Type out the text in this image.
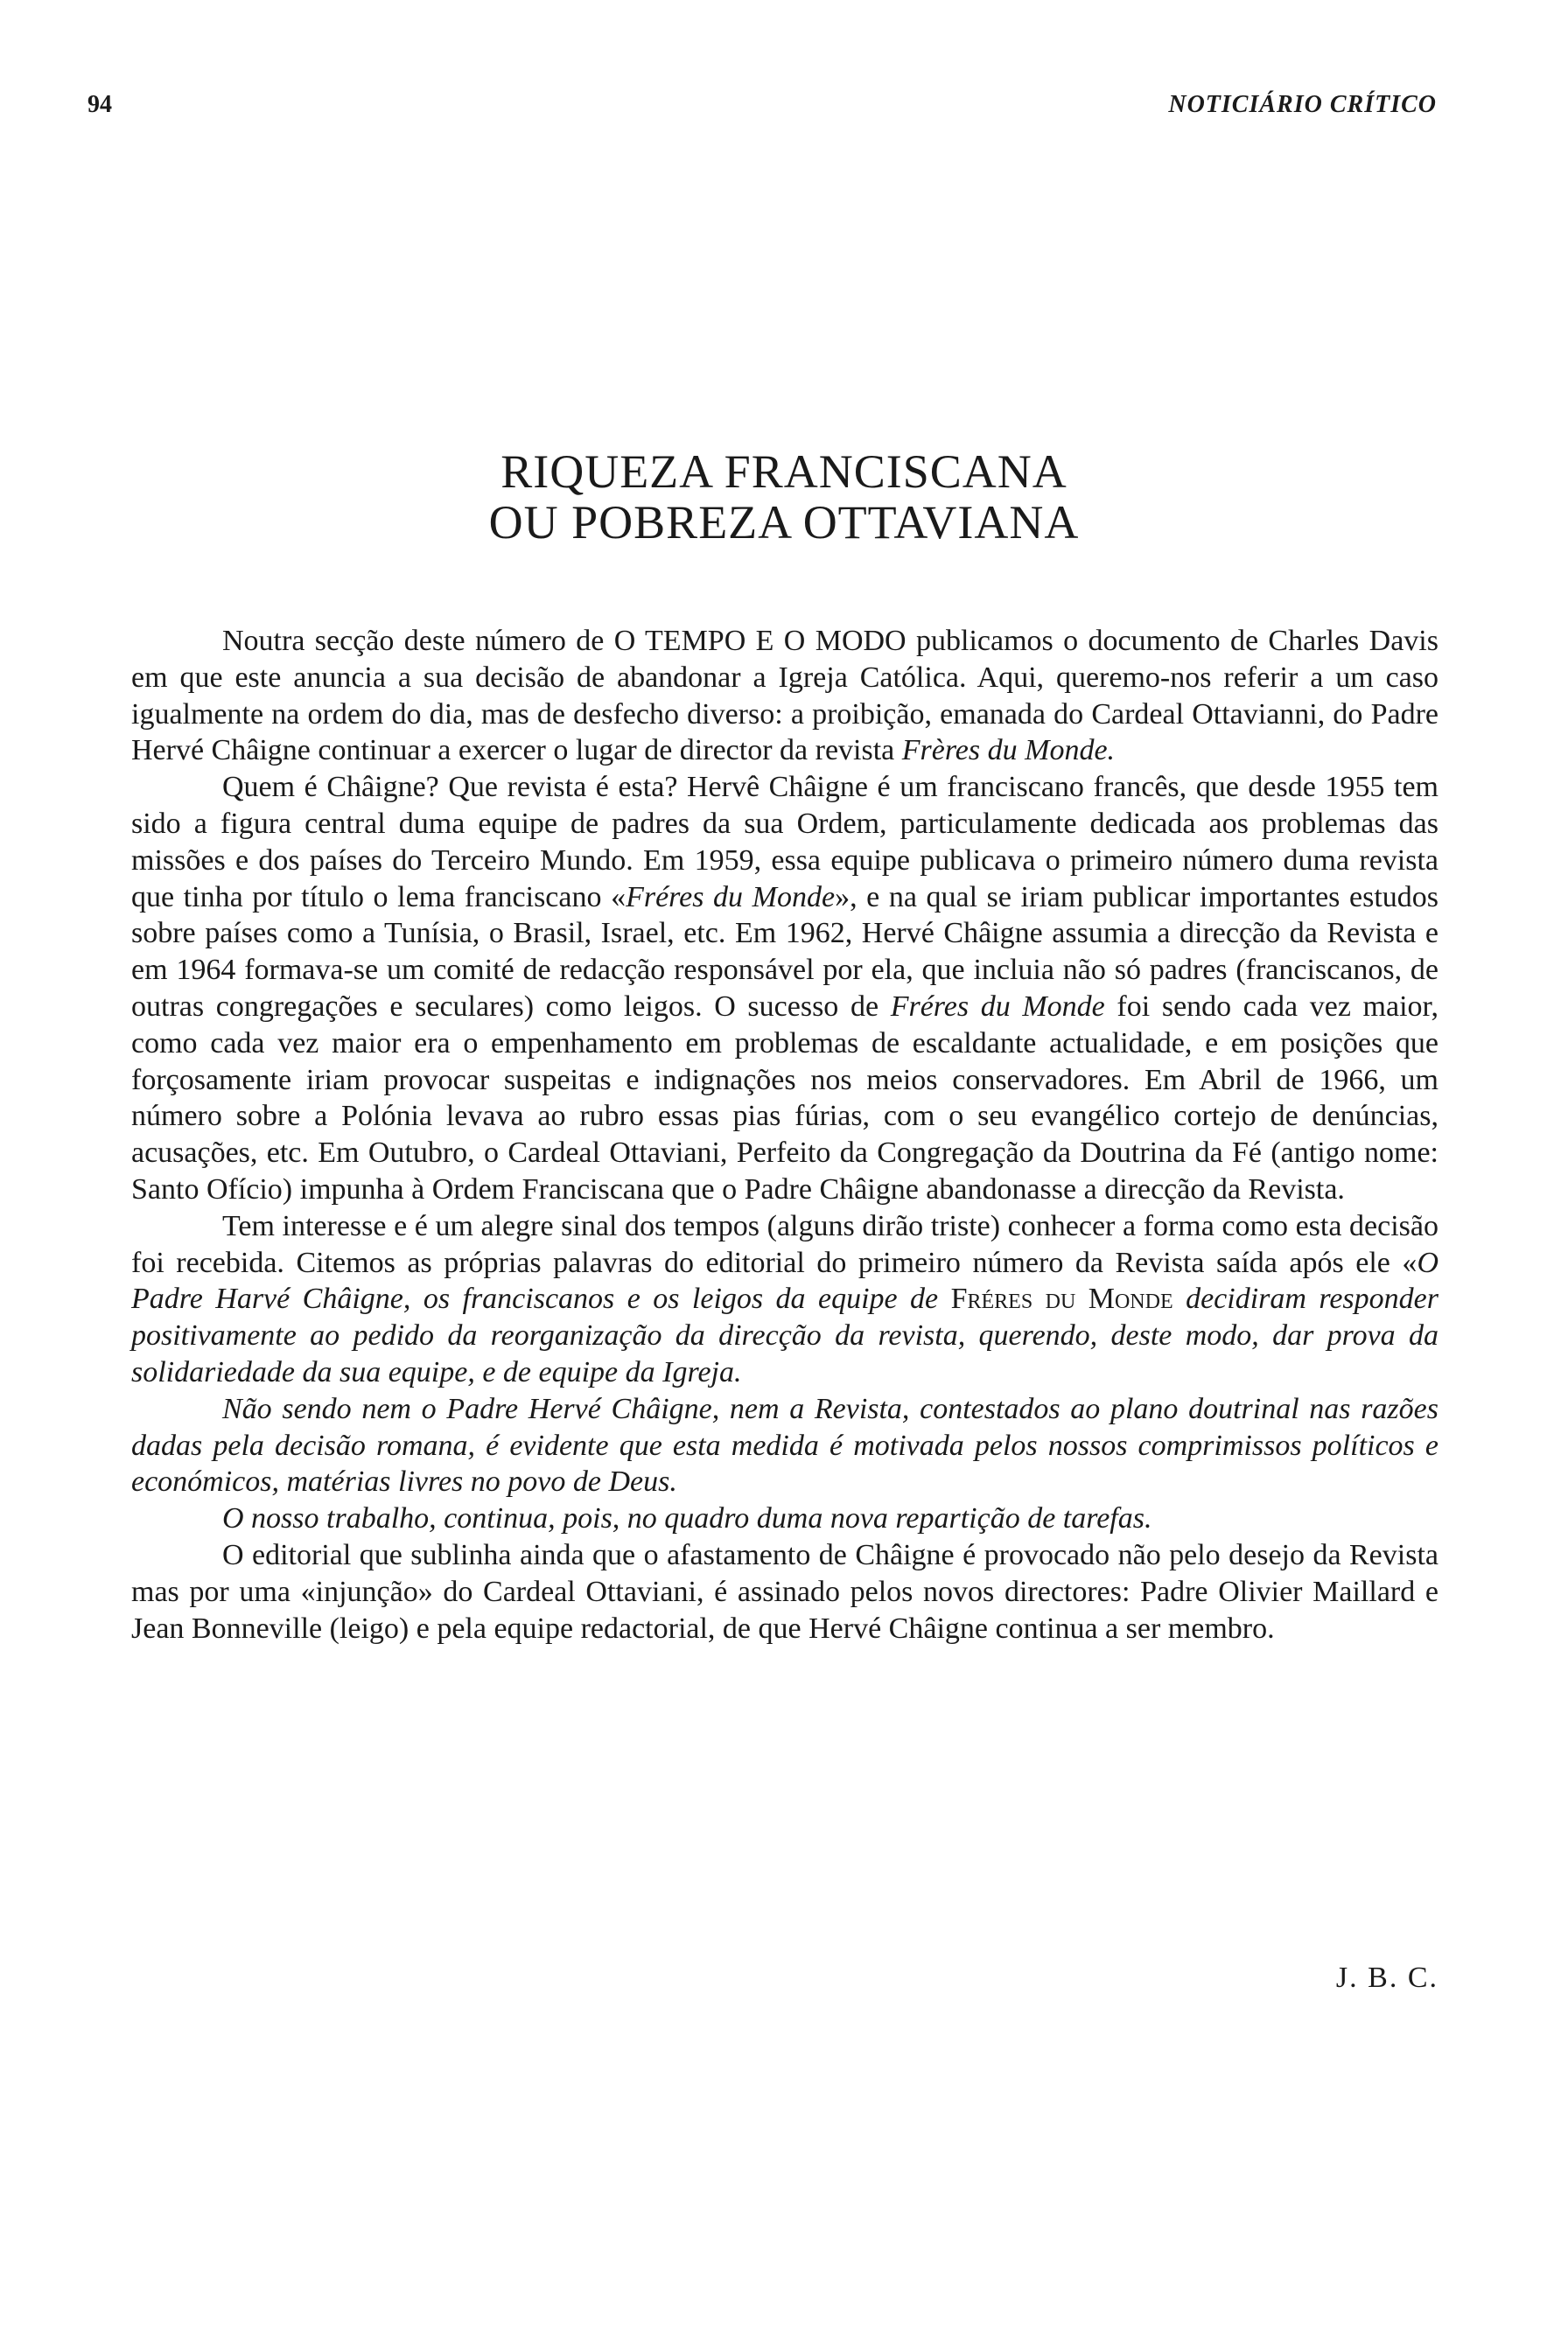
94	NOTICIÁRIO CRÍTICO
RIQUEZA FRANCISCANA
OU POBREZA OTTAVIANA

Noutra secção deste número de O TEMPO E O MODO publicamos o documento de Charles Davis em que este anuncia a sua decisão de abandonar a Igreja Católica. Aqui, queremo-nos referir a um caso igualmente na ordem do dia, mas de desfecho diverso: a proibição, emanada do Cardeal Ottavianni, do Padre Hervé Châigne continuar a exercer o lugar de director da revista Frères du Monde.

Quem é Châigne? Que revista é esta? Hervê Châigne é um franciscano francês, que desde 1955 tem sido a figura central duma equipe de padres da sua Ordem, particulamente dedicada aos problemas das missões e dos países do Terceiro Mundo. Em 1959, essa equipe publicava o primeiro número duma revista que tinha por título o lema franciscano «Fréres du Monde», e na qual se iriam publicar importantes estudos sobre países como a Tunísia, o Brasil, Israel, etc. Em 1962, Hervé Châigne assumia a direcção da Revista e em 1964 formava-se um comité de redacção responsável por ela, que incluia não só padres (franciscanos, de outras congregações e seculares) como leigos. O sucesso de Fréres du Monde foi sendo cada vez maior, como cada vez maior era o empenhamento em problemas de escaldante actualidade, e em posições que forçosamente iriam provocar suspeitas e indignações nos meios conservadores. Em Abril de 1966, um número sobre a Polónia levava ao rubro essas pias fúrias, com o seu evangélico cortejo de denúncias, acusações, etc. Em Outubro, o Cardeal Ottaviani, Perfeito da Congregação da Doutrina da Fé (antigo nome: Santo Ofício) impunha à Ordem Franciscana que o Padre Châigne abandonasse a direcção da Revista.

Tem interesse e é um alegre sinal dos tempos (alguns dirão triste) conhecer a forma como esta decisão foi recebida. Citemos as próprias palavras do editorial do primeiro número da Revista saída após ele «O Padre Harvé Châigne, os franciscanos e os leigos da equipe de Fréres du Monde decidiram responder positivamente ao pedido da reorganização da direcção da revista, querendo, deste modo, dar prova da solidariedade da sua equipe, e de equipe da Igreja.

Não sendo nem o Padre Hervé Châigne, nem a Revista, contestados ao plano doutrinal nas razões dadas pela decisão romana, é evidente que esta medida é motivada pelos nossos comprimissos políticos e económicos, matérias livres no povo de Deus.

O nosso trabalho, continua, pois, no quadro duma nova repartição de tarefas.

O editorial que sublinha ainda que o afastamento de Châigne é provocado não pelo desejo da Revista mas por uma «injunção» do Cardeal Ottaviani, é assinado pelos novos directores: Padre Olivier Maillard e Jean Bonneville (leigo) e pela equipe redactorial, de que Hervé Châigne continua a ser membro.

J. B. C.
